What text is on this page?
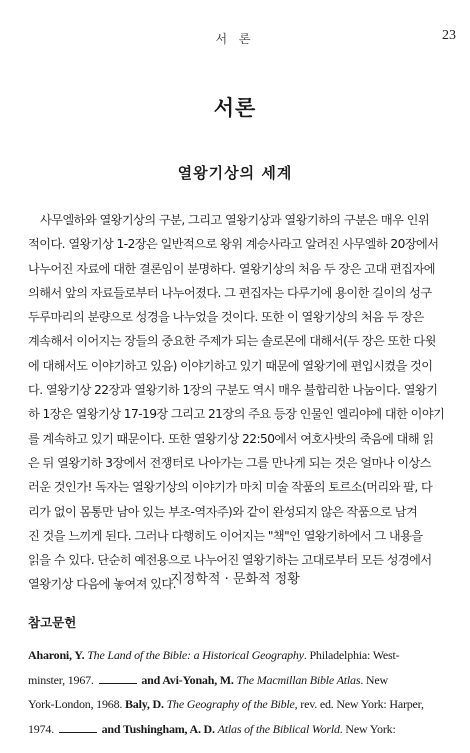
서 론	23
서론
열왕기상의 세계
사무엘하와 열왕기상의 구분, 그리고 열왕기상과 열왕기하의 구분은 매우 인위
적이다. 열왕기상 1-2장은 일반적으로 왕위 계승사라고 알려진 사무엘하 20장에서
나누어진 자료에 대한 결론임이 분명하다. 열왕기상의 처음 두 장은 고대 편집자에
의해서 앞의 자료들로부터 나누어졌다. 그 편집자는 다루기에 용이한 길이의 성구
두루마리의 분량으로 성경을 나누었을 것이다. 또한 이 열왕기상의 처음 두 장은
계속해서 이어지는 장들의 중요한 주제가 되는 솔로몬에 대해서(두 장은 또한 다윗
에 대해서도 이야기하고 있음) 이야기하고 있기 때문에 열왕기에 편입시켰을 것이
다. 열왕기상 22장과 열왕기하 1장의 구분도 역시 매우 불합리한 나눔이다. 열왕기
하 1장은 열왕기상 17-19장 그리고 21장의 주요 등장 인물인 엘리야에 대한 이야기
를 계속하고 있기 때문이다. 또한 열왕기상 22:50에서 여호사밧의 죽음에 대해 읽
은 뒤 열왕기하 3장에서 전쟁터로 나아가는 그를 만나게 되는 것은 얼마나 이상스
러운 것인가! 독자는 열왕기상의 이야기가 마치 미술 작품의 토르소(머리와 팔, 다
리가 없이 몸통만 남아 있는 부조-역자주)와 같이 완성되지 않은 작품으로 남겨
진 것을 느끼게 된다. 그러나 다행히도 이어지는 "책"인 열왕기하에서 그 내용을
읽을 수 있다. 단순히 예전용으로 나누어진 열왕기하는 고대로부터 모든 성경에서
열왕기상 다음에 놓여져 있다.
지정학적 · 문화적 정황
참고문헌
Aharoni, Y. The Land of the Bible: a Historical Geography. Philadelphia: West-
minster, 1967.	and Avi-Yonah, M. The Macmillan Bible Atlas. New
York-London, 1968. Baly, D. The Geography of the Bible, rev. ed. New York: Harper,
1974.	and Tushingham, A. D. Atlas of the Biblical World. New York:
